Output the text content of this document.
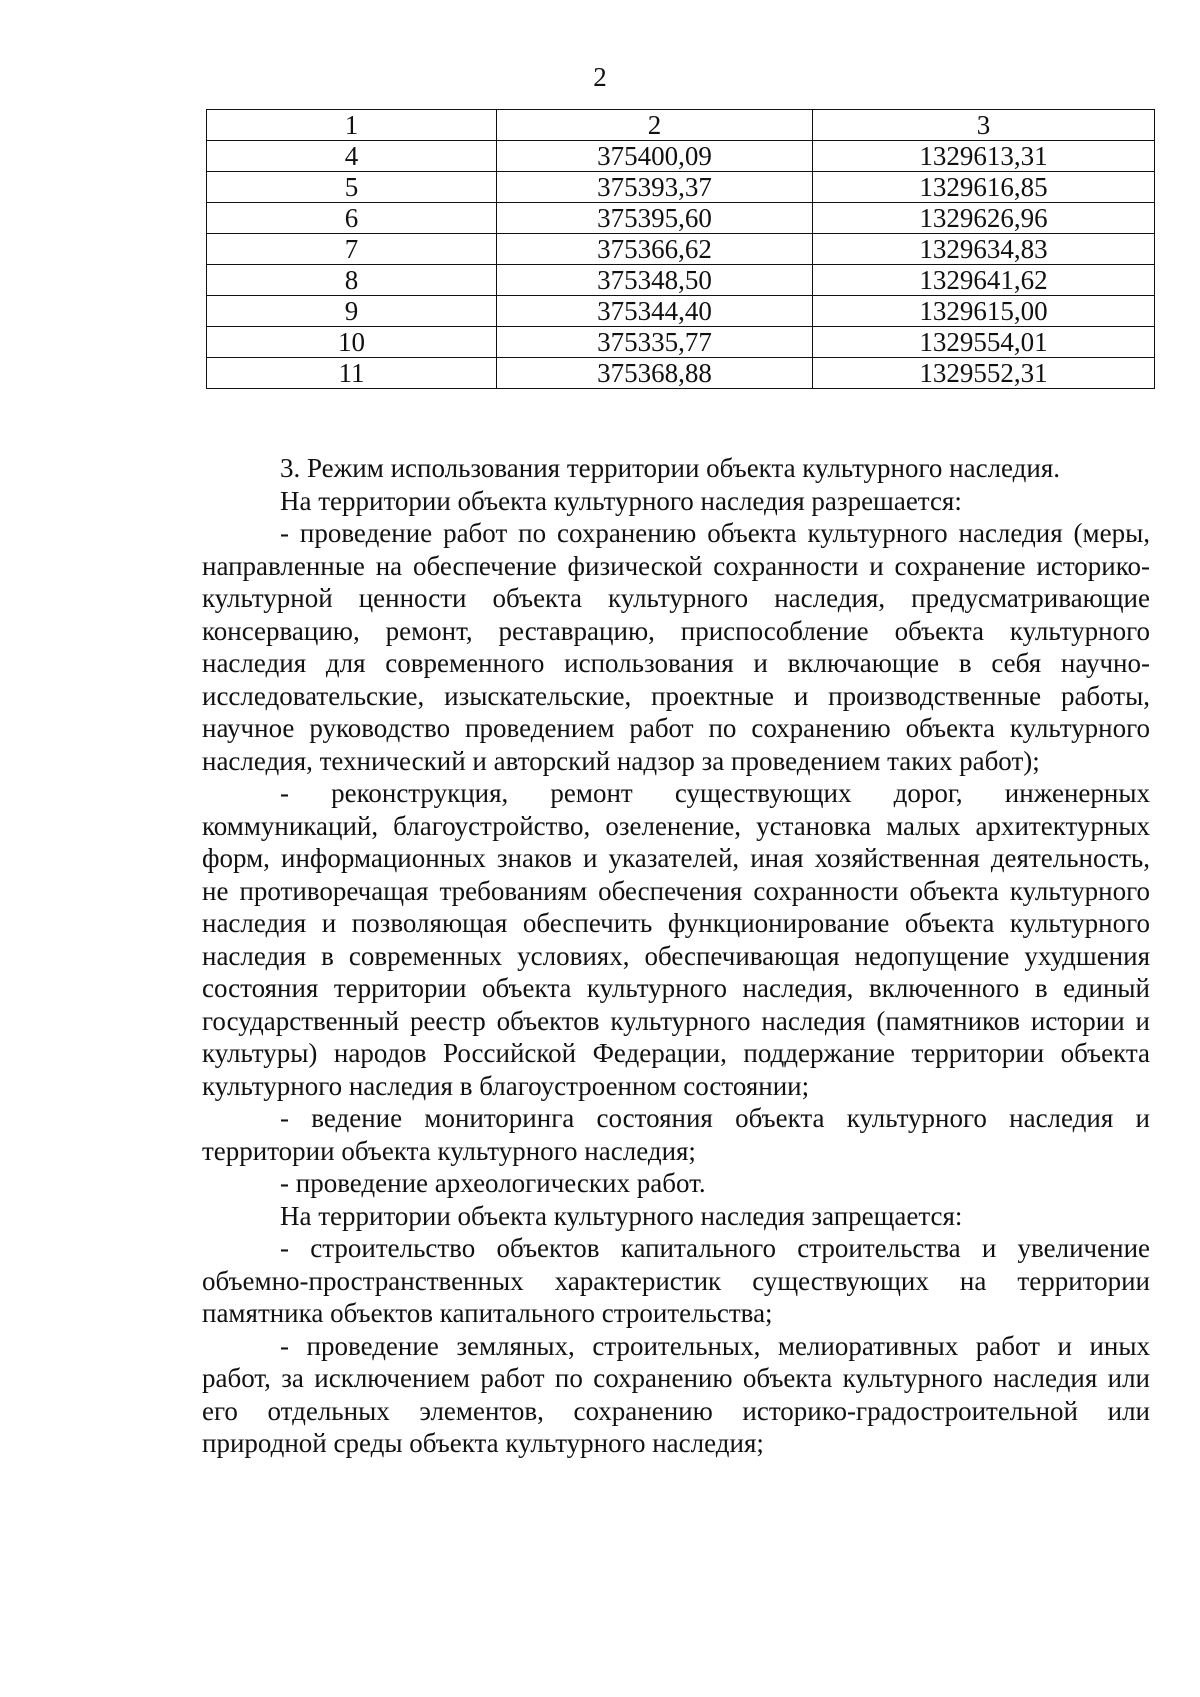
2
1	2	3
4	375400,09	1329613,31
5	375393,37	1329616,85
6	375395,60	1329626,96
7	375366,62	1329634,83
8	375348,50	1329641,62
9	375344,40	1329615,00
10	375335,77	1329554,01
11	375368,88	1329552,31

3. Режим использования территории объекта культурного наследия.

На территории объекта культурного наследия разрешается:

- проведение работ по сохранению объекта культурного наследия (меры, направленные на обеспечение физической сохранности и сохранение историко-культурной ценности объекта культурного наследия, предусматривающие консервацию, ремонт, реставрацию, приспособление объекта культурного наследия для современного использования и включающие в себя научно-исследовательские, изыскательские, проектные и производственные работы, научное руководство проведением работ по сохранению объекта культурного наследия, технический и авторский надзор за проведением таких работ);

- реконструкция, ремонт существующих дорог, инженерных коммуникаций, благоустройство, озеленение, установка малых архитектурных форм, информационных знаков и указателей, иная хозяйственная деятельность, не противоречащая требованиям обеспечения сохранности объекта культурного наследия и позволяющая обеспечить функционирование объекта культурного наследия в современных условиях, обеспечивающая недопущение ухудшения состояния территории объекта культурного наследия, включенного в единый государственный реестр объектов культурного наследия (памятников истории и культуры) народов Российской Федерации, поддержание территории объекта культурного наследия в благоустроенном состоянии;

- ведение мониторинга состояния объекта культурного наследия и территории объекта культурного наследия;

- проведение археологических работ.

На территории объекта культурного наследия запрещается:

- строительство объектов капитального строительства и увеличение объемно-пространственных характеристик существующих на территории памятника объектов капитального строительства;

- проведение земляных, строительных, мелиоративных работ и иных работ, за исключением работ по сохранению объекта культурного наследия или его отдельных элементов, сохранению историко-градостроительной или природной среды объекта культурного наследия;
